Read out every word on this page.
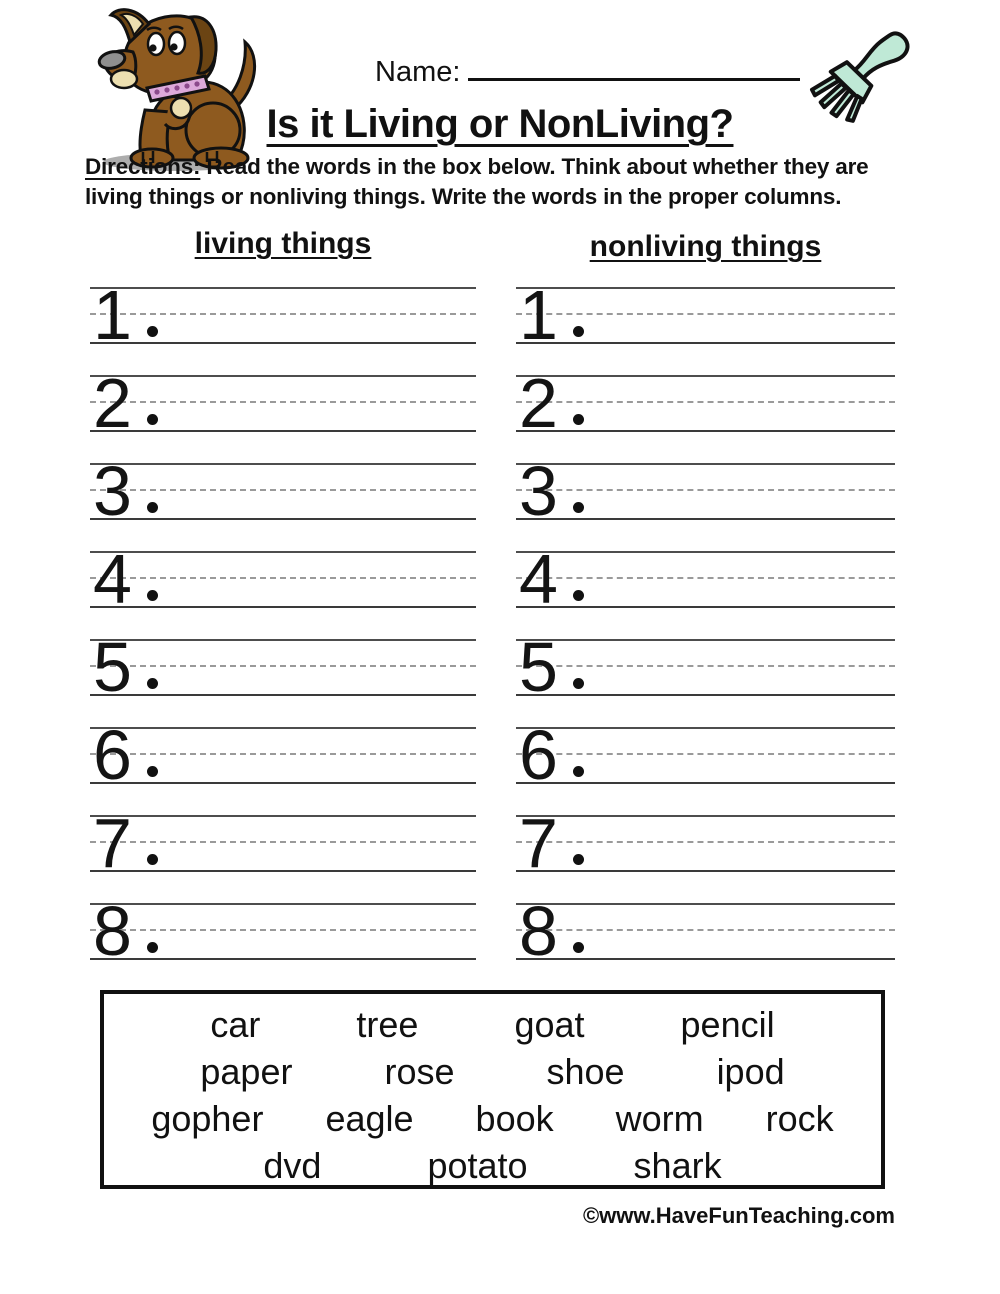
Name:
Is it Living or NonLiving?

Directions: Read the words in the box below. Think about whether they are
living things or nonliving things. Write the words in the proper columns.

living things
1
2
3
4
5
6
7
8
nonliving things
1
2
3
4
5
6
7
8
car	tree	goat	pencil
paper	rose	shoe	ipod
gopher eagle book worm rock
dvd	potato	shark
©www.HaveFunTeaching.com
